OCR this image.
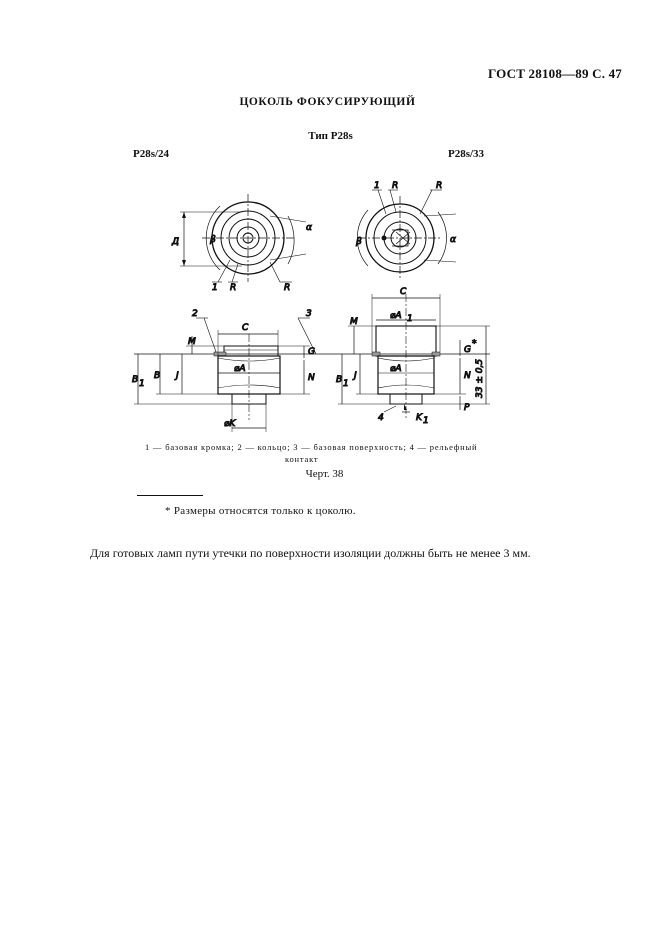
ГОСТ 28108—89 С. 47
ЦОКОЛЬ ФОКУСИРУЮЩИЙ
Тип P28s
P28s/24	P28s/33
Д	β
α
1 R	R
1 R	R
β	α
C
2	3
M
B 1
B J
G
N
⌀A
⌀K
C
⌀A 1
M
B 1
J
⌀A
G
N
P
4	K 1
33 ± 0,5
*
1 — базовая кромка; 2 — кольцо; 3 — базовая поверхность; 4 — рельефный
контакт
Черт. 38
* Размеры относятся только к цоколю.
Для готовых ламп пути утечки по поверхности изоляции должны быть не менее 3 мм.
